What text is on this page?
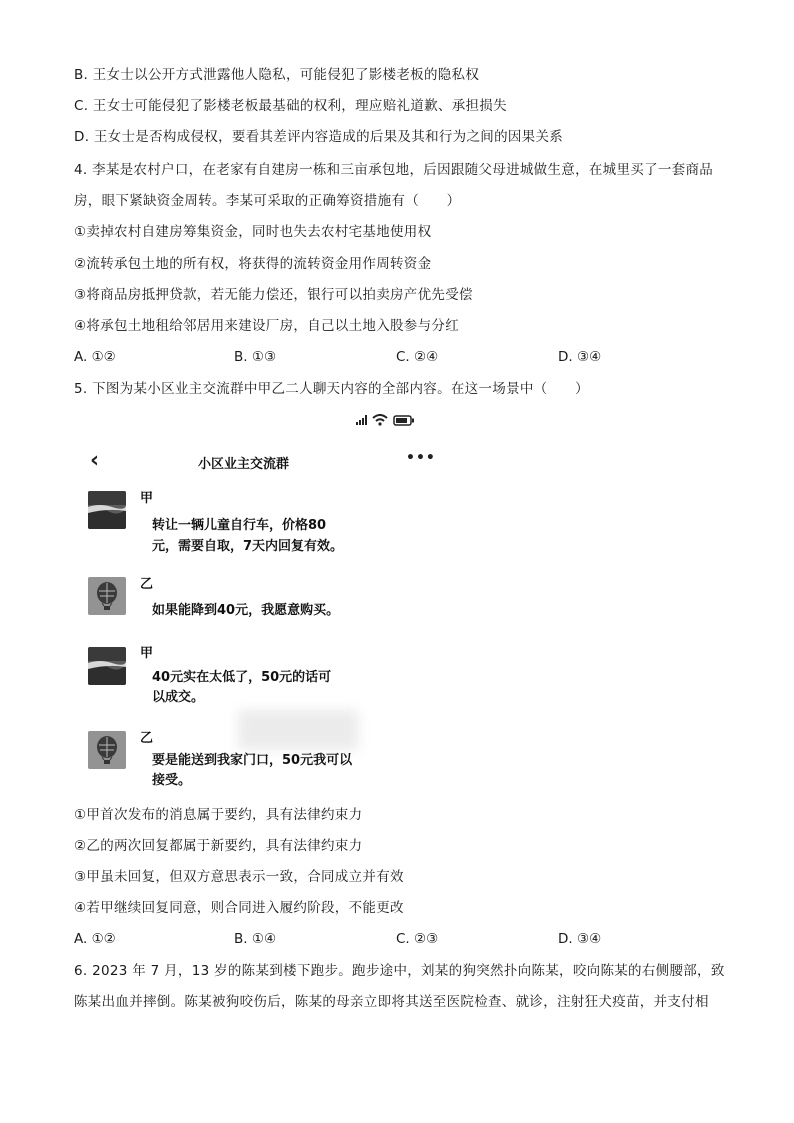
B. 王女士以公开方式泄露他人隐私，可能侵犯了影楼老板的隐私权
C. 王女士可能侵犯了影楼老板最基础的权利，理应赔礼道歉、承担损失
D. 王女士是否构成侵权，要看其差评内容造成的后果及其和行为之间的因果关系
4. 李某是农村户口，在老家有自建房一栋和三亩承包地，后因跟随父母进城做生意，在城里买了一套商品
房，眼下紧缺资金周转。李某可采取的正确筹资措施有（　　）
①卖掉农村自建房筹集资金，同时也失去农村宅基地使用权
②流转承包土地的所有权，将获得的流转资金用作周转资金
③将商品房抵押贷款，若无能力偿还，银行可以拍卖房产优先受偿
④将承包土地租给邻居用来建设厂房，自己以土地入股参与分红
A. ①②	B. ①③	C. ②④	D. ③④
5. 下图为某小区业主交流群中甲乙二人聊天内容的全部内容。在这一场景中（　　）
‹	小区业主交流群	•••
甲
转让一辆儿童自行车，价格80
元，需要自取，7天内回复有效。
乙
如果能降到40元，我愿意购买。
甲
40元实在太低了，50元的话可
以成交。
乙
要是能送到我家门口，50元我可以
接受。
①甲首次发布的消息属于要约，具有法律约束力
②乙的两次回复都属于新要约，具有法律约束力
③甲虽未回复，但双方意思表示一致，合同成立并有效
④若甲继续回复同意，则合同进入履约阶段，不能更改
A. ①②	B. ①④	C. ②③	D. ③④
6. 2023 年 7 月，13 岁的陈某到楼下跑步。跑步途中，刘某的狗突然扑向陈某，咬向陈某的右侧腰部，致
陈某出血并摔倒。陈某被狗咬伤后，陈某的母亲立即将其送至医院检查、就诊，注射狂犬疫苗，并支付相
